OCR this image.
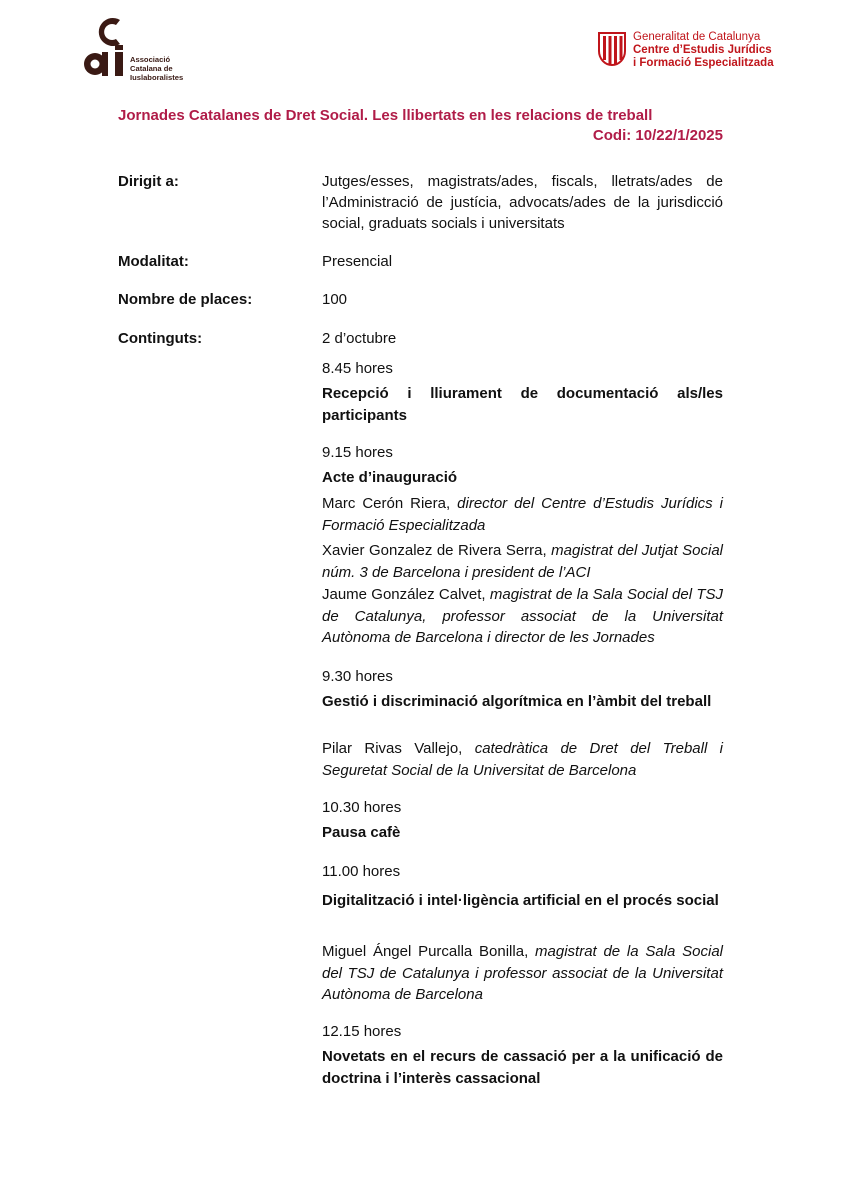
Associació
Catalana de
Iuslaboralistes
Generalitat de Catalunya
Centre d’Estudis Jurídics
i Formació Especialitzada
Jornades Catalanes de Dret Social. Les llibertats en les relacions de treball
Codi: 10/22/1/2025
Dirigit a:	Jutges/esses, magistrats/ades, fiscals, lletrats/ades de l’Administració de justícia, advocats/ades de la jurisdicció social, graduats socials i universitats
Modalitat:	Presencial
Nombre de places:	100
Continguts:	2 d’octubre
8.45 hores
Recepció i lliurament de documentació als/les participants
9.15 hores
Acte d’inauguració
Marc Cerón Riera, director del Centre d’Estudis Jurídics i Formació Especialitzada
Xavier Gonzalez de Rivera Serra, magistrat del Jutjat Social núm. 3 de Barcelona i president de l’ACI
Jaume González Calvet, magistrat de la Sala Social del TSJ de Catalunya, professor associat de la Universitat Autònoma de Barcelona i director de les Jornades
9.30 hores
Gestió i discriminació algorítmica en l’àmbit del treball
Pilar Rivas Vallejo, catedràtica de Dret del Treball i Seguretat Social de la Universitat de Barcelona
10.30 hores
Pausa cafè
11.00 hores
Digitalització i intel·ligència artificial en el procés social
Miguel Ángel Purcalla Bonilla, magistrat de la Sala Social del TSJ de Catalunya i professor associat de la Universitat Autònoma de Barcelona
12.15 hores
Novetats en el recurs de cassació per a la unificació de doctrina i l’interès cassacional
